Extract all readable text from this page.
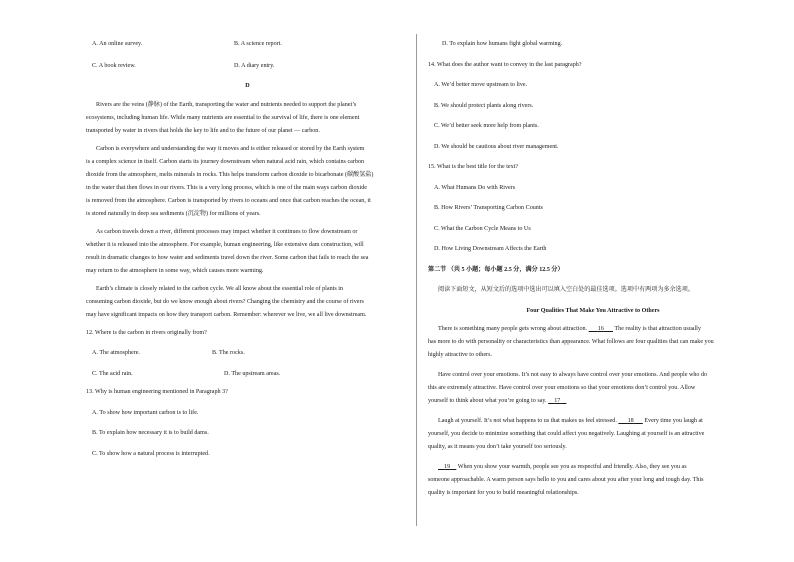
A. An online survey.	B. A science report.
C. A book review.	D. A diary entry.
D

Rivers are the veins (静脉) of the Earth, transporting the water and nutrients needed to support the planet’s

ecosystems, including human life. While many nutrients are essential to the survival of life, there is one element

transported by water in rivers that holds the key to life and to the future of our planet — carbon.

Carbon is everywhere and understanding the way it moves and is either released or stored by the Earth system

is a complex science in itself. Carbon starts its journey downstream when natural acid rain, which contains carbon

dioxide from the atmosphere, melts minerals in rocks. This helps transform carbon dioxide to bicarbonate (碳酸氢盐)

in the water that then flows in our rivers. This is a very long process, which is one of the main ways carbon dioxide

is removed from the atmosphere. Carbon is transported by rivers to oceans and once that carbon reaches the ocean, it

is stored naturally in deep sea sediments (沉淀物) for millions of years.

As carbon travels down a river, different processes may impact whether it continues to flow downstream or

whether it is released into the atmosphere. For example, human engineering, like extensive dam construction, will

result in dramatic changes to how water and sediments travel down the river. Some carbon that fails to reach the sea

may return to the atmosphere in some way, which causes more warming.

Earth’s climate is closely related to the carbon cycle. We all know about the essential role of plants in

consuming carbon dioxide, but do we know enough about rivers? Changing the chemistry and the course of rivers

may have significant impacts on how they transport carbon. Remember: wherever we live, we all live downstream.

12. Where is the carbon in rivers originally from?
A. The atmosphere.	B. The rocks.
C. The acid rain.	D. The upstream areas.
13. Why is human engineering mentioned in Paragraph 3?
A. To show how important carbon is to life.
B. To explain how necessary it is to build dams.
C. To show how a natural process is interrupted.
D. To explain how humans fight global warming.
14. What does the author want to convey in the last paragraph?
A. We’d better move upstream to live.
B. We should protect plants along rivers.
C. We’d better seek more help from plants.
D. We should be cautious about river management.
15. What is the best title for the text?
A. What Humans Do with Rivers
B. How Rivers’ Transporting Carbon Counts
C. What the Carbon Cycle Means to Us
D. How Living Downstream Affects the Earth
第二节 （共 5 小题；每小题 2.5 分，满分 12.5 分）
阅读下面短文，从短文后的选项中选出可以填入空白处的最佳选项。选项中有两项为多余选项。
Four Qualities That Make You Attractive to Others

There is something many people gets wrong about attraction.    16   The reality is that attraction usually

has more to do with personality or characteristics than appearance. What follows are four qualities that can make you

highly attractive to others.

Have control over your emotions. It’s not easy to always have control over your emotions. And people who do

this are extremely attractive. Have control over your emotions so that your emotions don’t control you. Allow

yourself to think about what you’re going to say.   17 

Laugh at yourself. It’s not what happens to us that makes us feel stressed.    18   Every time you laugh at

yourself, you decide to minimize something that could affect you negatively. Laughing at yourself is an attractive

quality, as it means you don’t take yourself too seriously.

 19  When you show your warmth, people see you as respectful and friendly. Also, they see you as

someone approachable. A warm person says hello to you and cares about you after your long and tough day. This

quality is important for you to build meaningful relationships.
